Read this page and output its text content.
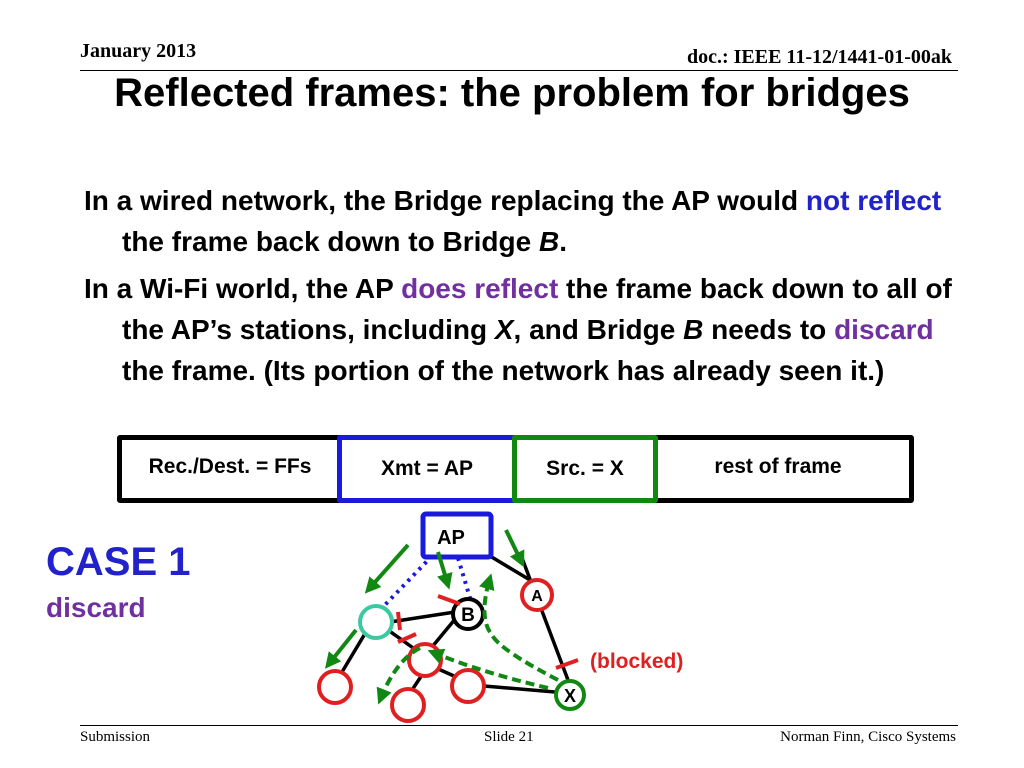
January 2013	doc.: IEEE 11-12/1441-01-00ak
Reflected frames: the problem for bridges
In a wired network, the Bridge replacing the AP would not reflect the frame back down to Bridge B.
In a Wi-Fi world, the AP does reflect the frame back down to all of the AP’s stations, including X, and Bridge B needs to discard the frame. (Its portion of the network has already seen it.)
Rec./Dest. = FFs	Xmt = AP	Src. = X	rest of frame
CASE 1
discard
AP
B
A
X
(blocked)
Submission	Slide 21	Norman Finn, Cisco Systems
